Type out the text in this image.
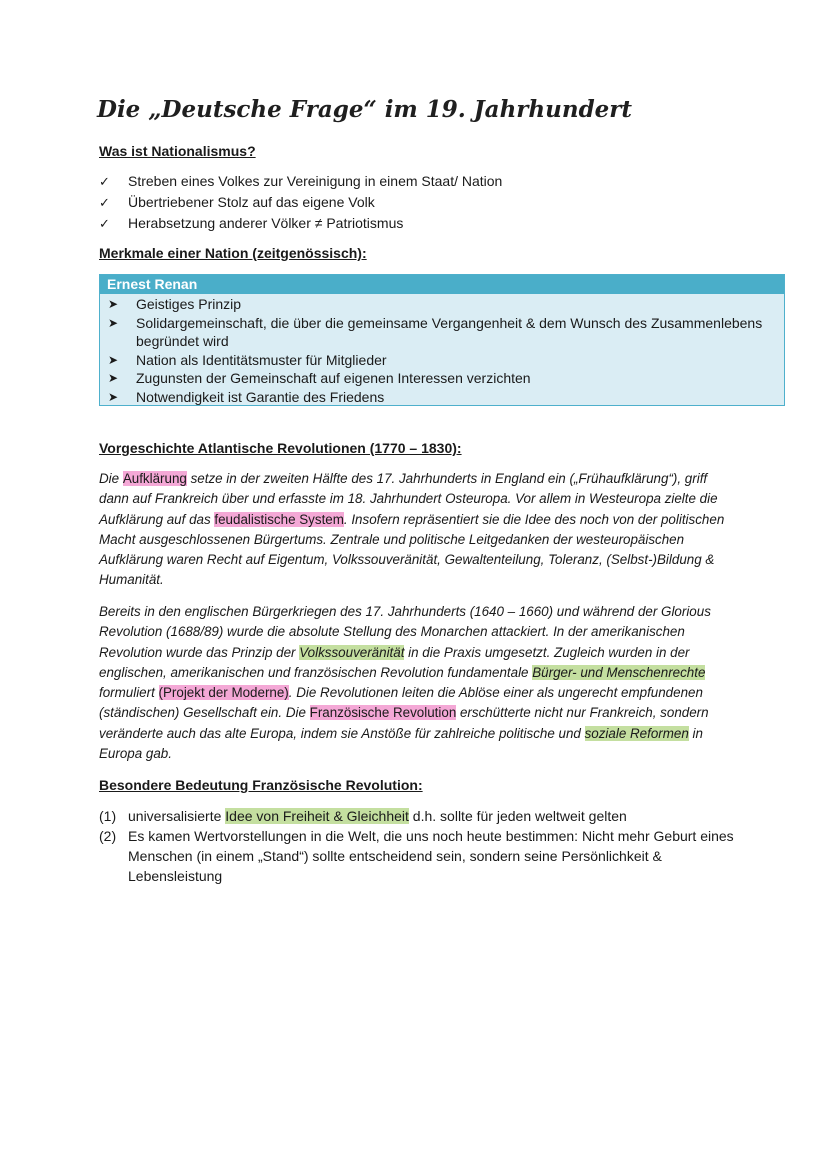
Die „Deutsche Frage“ im 19. Jahrhundert
Was ist Nationalismus?
✓	Streben eines Volkes zur Vereinigung in einem Staat/ Nation
✓	Übertriebener Stolz auf das eigene Volk
✓	Herabsetzung anderer Völker ≠ Patriotismus
Merkmale einer Nation (zeitgenössisch):
Ernest Renan
➤	Geistiges Prinzip
➤	Solidargemeinschaft, die über die gemeinsame Vergangenheit & dem Wunsch des Zusammenlebens begründet wird
➤	Nation als Identitätsmuster für Mitglieder
➤	Zugunsten der Gemeinschaft auf eigenen Interessen verzichten
➤	Notwendigkeit ist Garantie des Friedens
Vorgeschichte Atlantische Revolutionen (1770 – 1830):

Die Aufklärung setze in der zweiten Hälfte des 17. Jahrhunderts in England ein („Frühaufklärung“), griff dann auf Frankreich über und erfasste im 18. Jahrhundert Osteuropa. Vor allem in Westeuropa zielte die Aufklärung auf das feudalistische System. Insofern repräsentiert sie die Idee des noch von der politischen Macht ausgeschlossenen Bürgertums. Zentrale und politische Leitgedanken der westeuropäischen Aufklärung waren Recht auf Eigentum, Volkssouveränität, Gewaltenteilung, Toleranz, (Selbst-)Bildung & Humanität.

Bereits in den englischen Bürgerkriegen des 17. Jahrhunderts (1640 – 1660) und während der Glorious Revolution (1688/89) wurde die absolute Stellung des Monarchen attackiert. In der amerikanischen Revolution wurde das Prinzip der Volkssouveränität in die Praxis umgesetzt. Zugleich wurden in der englischen, amerikanischen und französischen Revolution fundamentale Bürger- und Menschenrechte formuliert (Projekt der Moderne). Die Revolutionen leiten die Ablöse einer als ungerecht empfundenen (ständischen) Gesellschaft ein. Die Französische Revolution erschütterte nicht nur Frankreich, sondern veränderte auch das alte Europa, indem sie Anstöße für zahlreiche politische und soziale Reformen in Europa gab.

Besondere Bedeutung Französische Revolution:
(1) universalisierte Idee von Freiheit & Gleichheit d.h. sollte für jeden weltweit gelten
(2) Es kamen Wertvorstellungen in die Welt, die uns noch heute bestimmen: Nicht mehr Geburt eines Menschen (in einem „Stand“) sollte entscheidend sein, sondern seine Persönlichkeit & Lebensleistung
